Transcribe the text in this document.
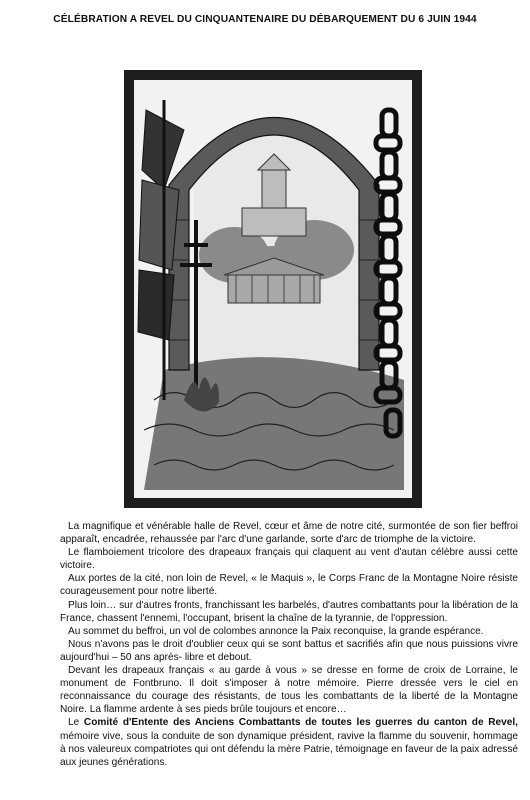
CÉLÉBRATION A REVEL DU CINQUANTENAIRE DU DÉBARQUEMENT DU 6 JUIN 1944

La magnifique et vénérable halle de Revel, cœur et âme de notre cité, surmontée de son fier beffroi apparaît, encadrée, rehaussée par l'arc d'une garlande, sorte d'arc de triomphe de la victoire.

Le flamboiement tricolore des drapeaux français qui claquent au vent d'autan célèbre aussi cette victoire.

Aux portes de la cité, non loin de Revel, « le Maquis », le Corps Franc de la Montagne Noire résiste courageusement pour notre liberté.

Plus loin… sur d'autres fronts, franchissant les barbelés, d'autres combattants pour la libération de la France, chassent l'ennemi, l'occupant, brisent la chaîne de la tyrannie, de l'oppression.

Au sommet du beffroi, un vol de colombes annonce la Paix reconquise, la grande espérance.

Nous n'avons pas le droit d'oublier ceux qui se sont battus et sacrifiés afin que nous puissions vivre aujourd'hui – 50 ans après- libre et debout.

Devant les drapeaux français « au garde à vous » se dresse en forme de croix de Lorraine, le monument de Fontbruno. Il doit s'imposer à notre mémoire. Pierre dressée vers le ciel en reconnaissance du courage des résistants, de tous les combattants de la liberté de la Montagne Noire. La flamme ardente à ses pieds brûle toujours et encore…

Le Comité d'Entente des Anciens Combattants de toutes les guerres du canton de Revel, mémoire vive, sous la conduite de son dynamique président, ravive la flamme du souvenir, hommage à nos valeureux compatriotes qui ont défendu la mère Patrie, témoignage en faveur de la paix adressé aux jeunes générations.
